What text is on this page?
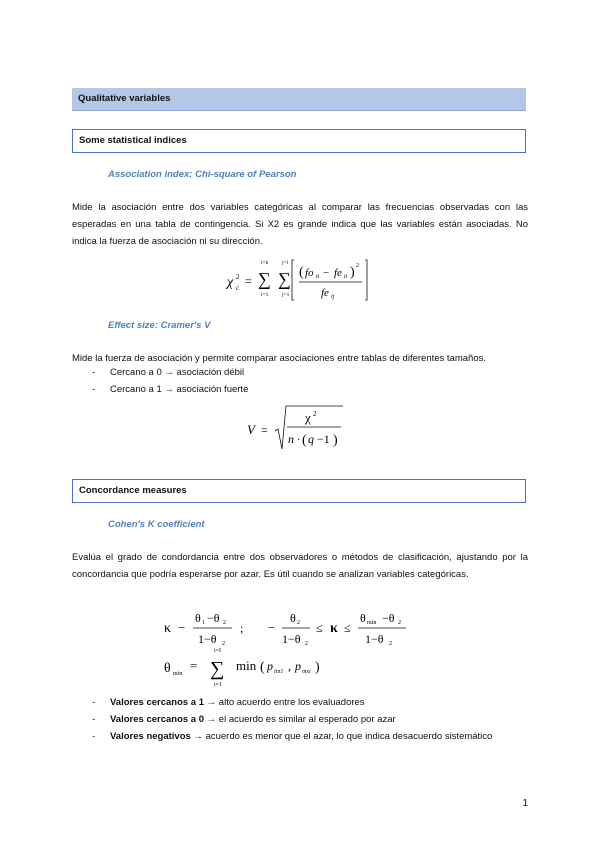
Qualitative variables
Some statistical indices
Association index: Chi-square of Pearson
Mide la asociación entre dos variables categóricas al comparar las frecuencias observadas con las esperadas en una tabla de contingencia. Si X2 es grande indica que las variables están asociadas. No indica la fuerza de asociación ni su dirección.
χ 2
c =
i=k
∑
i=1
j=l
∑
j=1
( fo ti − fe ti ) 2
fe ij
Effect size: Cramer's V
Mide la fuerza de asociación y permite comparar asociaciones entre tablas de diferentes tamaños.
- Cercano a 0 → asociación débil
- Cercano a 1 → asociación fuerte
V =
χ 2
n · ( q −1 )
Concordance measures
Cohen's K coefficient
Evalúa el grado de condordancia entre dos observadores o métodos de clasificación, ajustando por la concordancia que podría esperarse por azar. Es útil cuando se analizan variables categóricas.
κ −
θ 1 −θ 2
1−θ 2
; −
θ 2
1−θ 2
≤ κ ≤
θ min −θ 2
1−θ 2
θ min
=
i=I
∑
i=1
min ( p iin1 , p mxi )
- Valores cercanos a 1 → alto acuerdo entre los evaluadores
- Valores cercanos a 0 → el acuerdo es similar al esperado por azar
- Valores negativos → acuerdo es menor que el azar, lo que indica desacuerdo sistemático
1
